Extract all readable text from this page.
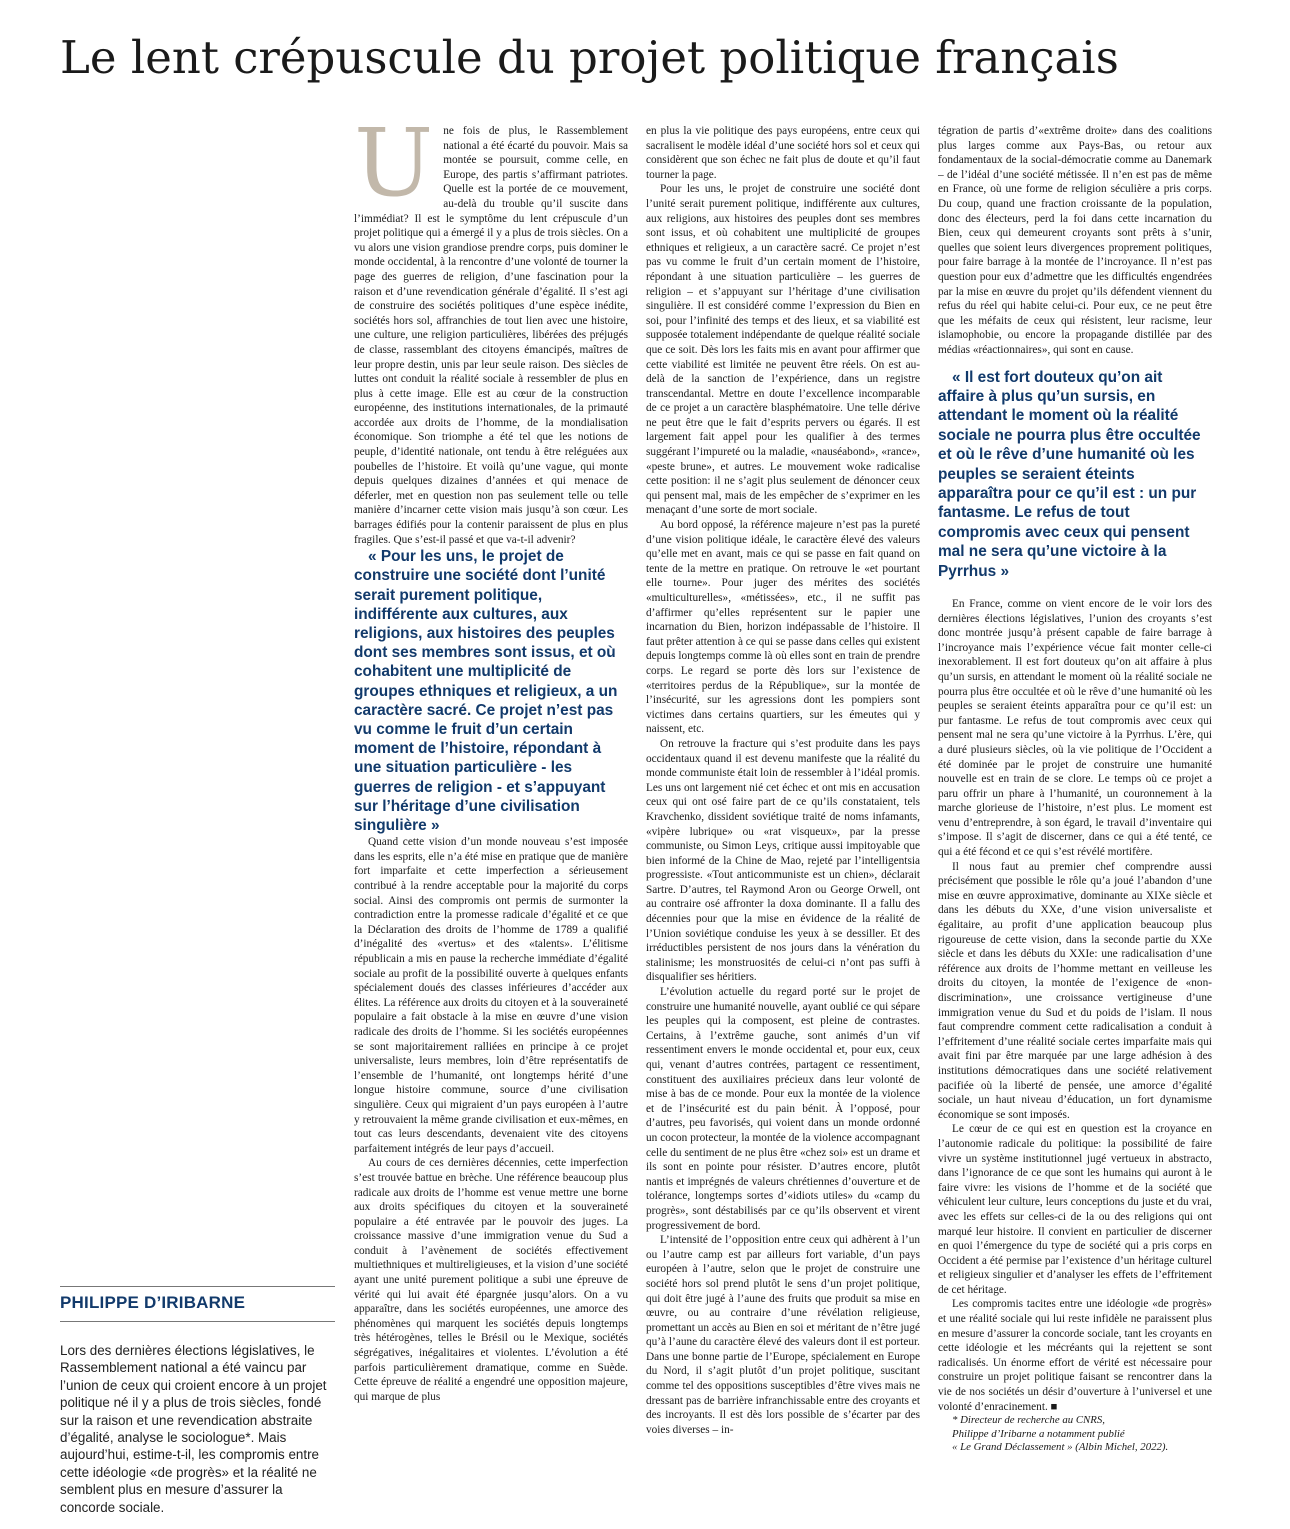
Le lent crépuscule du projet politique français
PHILIPPE D’IRIBARNE
Lors des dernières élections législatives, le Rassemblement national a été vaincu par l’union de ceux qui croient encore à un projet politique né il y a plus de trois siècles, fondé sur la raison et une revendication abstraite d’égalité, analyse le sociologue*. Mais aujourd’hui, estime-t-il, les compromis entre cette idéologie «de progrès» et la réalité ne semblent plus en mesure d’assurer la concorde sociale.
U ne fois de plus, le Rassemblement national a été écarté du pouvoir. Mais sa montée se poursuit, comme celle, en Europe, des partis s’affirmant patriotes. Quelle est la portée de ce mouvement, au-delà du trouble qu’il suscite dans l’immédiat? Il est le symptôme du lent crépuscule d’un projet politique qui a émergé il y a plus de trois siècles. On a vu alors une vision grandiose prendre corps, puis dominer le monde occidental, à la rencontre d’une volonté de tourner la page des guerres de religion, d’une fascination pour la raison et d’une revendication générale d’égalité. Il s’est agi de construire des sociétés politiques d’une espèce inédite, sociétés hors sol, affranchies de tout lien avec une histoire, une culture, une religion particulières, libérées des préjugés de classe, rassemblant des citoyens émancipés, maîtres de leur propre destin, unis par leur seule raison. Des siècles de luttes ont conduit la réalité sociale à ressembler de plus en plus à cette image. Elle est au cœur de la construction européenne, des institutions internationales, de la primauté accordée aux droits de l’homme, de la mondialisation économique. Son triomphe a été tel que les notions de peuple, d’identité nationale, ont tendu à être reléguées aux poubelles de l’histoire. Et voilà qu’une vague, qui monte depuis quelques dizaines d’années et qui menace de déferler, met en question non pas seulement telle ou telle manière d’incarner cette vision mais jusqu’à son cœur. Les barrages édifiés pour la contenir paraissent de plus en plus fragiles. Que s’est-il passé et que va-t-il advenir?

« Pour les uns, le projet de construire une société dont l’unité serait purement politique, indifférente aux cultures, aux religions, aux histoires des peuples dont ses membres sont issus, et où cohabitent une multiplicité de groupes ethniques et religieux, a un caractère sacré. Ce projet n’est pas vu comme le fruit d’un certain moment de l’histoire, répondant à une situation particulière - les guerres de religion - et s’appuyant sur l’héritage d’une civilisation singulière »

Quand cette vision d’un monde nouveau s’est imposée dans les esprits, elle n’a été mise en pratique que de manière fort imparfaite et cette imperfection a sérieusement contribué à la rendre acceptable pour la majorité du corps social. Ainsi des compromis ont permis de surmonter la contradiction entre la promesse radicale d’égalité et ce que la Déclaration des droits de l’homme de 1789 a qualifié d’inégalité des «vertus» et des «talents». L’élitisme républicain a mis en pause la recherche immédiate d’égalité sociale au profit de la possibilité ouverte à quelques enfants spécialement doués des classes inférieures d’accéder aux élites. La référence aux droits du citoyen et à la souveraineté populaire a fait obstacle à la mise en œuvre d’une vision radicale des droits de l’homme. Si les sociétés européennes se sont majoritairement ralliées en principe à ce projet universaliste, leurs membres, loin d’être représentatifs de l’ensemble de l’humanité, ont longtemps hérité d’une longue histoire commune, source d’une civilisation singulière. Ceux qui migraient d’un pays européen à l’autre y retrouvaient la même grande civilisation et eux-mêmes, en tout cas leurs descendants, devenaient vite des citoyens parfaitement intégrés de leur pays d’accueil.

Au cours de ces dernières décennies, cette imperfection s’est trouvée battue en brèche. Une référence beaucoup plus radicale aux droits de l’homme est venue mettre une borne aux droits spécifiques du citoyen et la souveraineté populaire a été entravée par le pouvoir des juges. La croissance massive d’une immigration venue du Sud a conduit à l’avènement de sociétés effectivement multiethniques et multireligieuses, et la vision d’une société ayant une unité purement politique a subi une épreuve de vérité qui lui avait été épargnée jusqu’alors. On a vu apparaître, dans les sociétés européennes, une amorce des phénomènes qui marquent les sociétés depuis longtemps très hétérogènes, telles le Brésil ou le Mexique, sociétés ségrégatives, inégalitaires et violentes. L’évolution a été parfois particulièrement dramatique, comme en Suède. Cette épreuve de réalité a engendré une opposition majeure, qui marque de plus

en plus la vie politique des pays européens, entre ceux qui sacralisent le modèle idéal d’une société hors sol et ceux qui considèrent que son échec ne fait plus de doute et qu’il faut tourner la page.

Pour les uns, le projet de construire une société dont l’unité serait purement politique, indifférente aux cultures, aux religions, aux histoires des peuples dont ses membres sont issus, et où cohabitent une multiplicité de groupes ethniques et religieux, a un caractère sacré. Ce projet n’est pas vu comme le fruit d’un certain moment de l’histoire, répondant à une situation particulière – les guerres de religion – et s’appuyant sur l’héritage d’une civilisation singulière. Il est considéré comme l’expression du Bien en soi, pour l’infinité des temps et des lieux, et sa viabilité est supposée totalement indépendante de quelque réalité sociale que ce soit. Dès lors les faits mis en avant pour affirmer que cette viabilité est limitée ne peuvent être réels. On est au-delà de la sanction de l’expérience, dans un registre transcendantal. Mettre en doute l’excellence incomparable de ce projet a un caractère blasphématoire. Une telle dérive ne peut être que le fait d’esprits pervers ou égarés. Il est largement fait appel pour les qualifier à des termes suggérant l’impureté ou la maladie, «nauséabond», «rance», «peste brune», et autres. Le mouvement woke radicalise cette position: il ne s’agit plus seulement de dénoncer ceux qui pensent mal, mais de les empêcher de s’exprimer en les menaçant d’une sorte de mort sociale.

Au bord opposé, la référence majeure n’est pas la pureté d’une vision politique idéale, le caractère élevé des valeurs qu’elle met en avant, mais ce qui se passe en fait quand on tente de la mettre en pratique. On retrouve le «et pourtant elle tourne». Pour juger des mérites des sociétés «multiculturelles», «métissées», etc., il ne suffit pas d’affirmer qu’elles représentent sur le papier une incarnation du Bien, horizon indépassable de l’histoire. Il faut prêter attention à ce qui se passe dans celles qui existent depuis longtemps comme là où elles sont en train de prendre corps. Le regard se porte dès lors sur l’existence de «territoires perdus de la République», sur la montée de l’insécurité, sur les agressions dont les pompiers sont victimes dans certains quartiers, sur les émeutes qui y naissent, etc.

On retrouve la fracture qui s’est produite dans les pays occidentaux quand il est devenu manifeste que la réalité du monde communiste était loin de ressembler à l’idéal promis. Les uns ont largement nié cet échec et ont mis en accusation ceux qui ont osé faire part de ce qu’ils constataient, tels Kravchenko, dissident soviétique traité de noms infamants, «vipère lubrique» ou «rat visqueux», par la presse communiste, ou Simon Leys, critique aussi impitoyable que bien informé de la Chine de Mao, rejeté par l’intelligentsia progressiste. «Tout anticommuniste est un chien», déclarait Sartre. D’autres, tel Raymond Aron ou George Orwell, ont au contraire osé affronter la doxa dominante. Il a fallu des décennies pour que la mise en évidence de la réalité de l’Union soviétique conduise les yeux à se dessiller. Et des irréductibles persistent de nos jours dans la vénération du stalinisme; les monstruosités de celui-ci n’ont pas suffi à disqualifier ses héritiers.

L’évolution actuelle du regard porté sur le projet de construire une humanité nouvelle, ayant oublié ce qui sépare les peuples qui la composent, est pleine de contrastes. Certains, à l’extrême gauche, sont animés d’un vif ressentiment envers le monde occidental et, pour eux, ceux qui, venant d’autres contrées, partagent ce ressentiment, constituent des auxiliaires précieux dans leur volonté de mise à bas de ce monde. Pour eux la montée de la violence et de l’insécurité est du pain bénit. À l’opposé, pour d’autres, peu favorisés, qui voient dans un monde ordonné un cocon protecteur, la montée de la violence accompagnant celle du sentiment de ne plus être «chez soi» est un drame et ils sont en pointe pour résister. D’autres encore, plutôt nantis et imprégnés de valeurs chrétiennes d’ouverture et de tolérance, longtemps sortes d’«idiots utiles» du «camp du progrès», sont déstabilisés par ce qu’ils observent et virent progressivement de bord.

L’intensité de l’opposition entre ceux qui adhèrent à l’un ou l’autre camp est par ailleurs fort variable, d’un pays européen à l’autre, selon que le projet de construire une société hors sol prend plutôt le sens d’un projet politique, qui doit être jugé à l’aune des fruits que produit sa mise en œuvre, ou au contraire d’une révélation religieuse, promettant un accès au Bien en soi et méritant de n’être jugé qu’à l’aune du caractère élevé des valeurs dont il est porteur. Dans une bonne partie de l’Europe, spécialement en Europe du Nord, il s’agit plutôt d’un projet politique, suscitant comme tel des oppositions susceptibles d’être vives mais ne dressant pas de barrière infranchissable entre des croyants et des incroyants. Il est dès lors possible de s’écarter par des voies diverses – in-

tégration de partis d’«extrême droite» dans des coalitions plus larges comme aux Pays-Bas, ou retour aux fondamentaux de la social-démocratie comme au Danemark – de l’idéal d’une société métissée. Il n’en est pas de même en France, où une forme de religion séculière a pris corps. Du coup, quand une fraction croissante de la population, donc des électeurs, perd la foi dans cette incarnation du Bien, ceux qui demeurent croyants sont prêts à s’unir, quelles que soient leurs divergences proprement politiques, pour faire barrage à la montée de l’incroyance. Il n’est pas question pour eux d’admettre que les difficultés engendrées par la mise en œuvre du projet qu’ils défendent viennent du refus du réel qui habite celui-ci. Pour eux, ce ne peut être que les méfaits de ceux qui résistent, leur racisme, leur islamophobie, ou encore la propagande distillée par des médias «réactionnaires», qui sont en cause.

« Il est fort douteux qu’on ait affaire à plus qu’un sursis, en attendant le moment où la réalité sociale ne pourra plus être occultée et où le rêve d’une humanité où les peuples se seraient éteints apparaîtra pour ce qu’il est : un pur fantasme. Le refus de tout compromis avec ceux qui pensent mal ne sera qu’une victoire à la Pyrrhus »

En France, comme on vient encore de le voir lors des dernières élections législatives, l’union des croyants s’est donc montrée jusqu’à présent capable de faire barrage à l’incroyance mais l’expérience vécue fait monter celle-ci inexorablement. Il est fort douteux qu’on ait affaire à plus qu’un sursis, en attendant le moment où la réalité sociale ne pourra plus être occultée et où le rêve d’une humanité où les peuples se seraient éteints apparaîtra pour ce qu’il est: un pur fantasme. Le refus de tout compromis avec ceux qui pensent mal ne sera qu’une victoire à la Pyrrhus. L’ère, qui a duré plusieurs siècles, où la vie politique de l’Occident a été dominée par le projet de construire une humanité nouvelle est en train de se clore. Le temps où ce projet a paru offrir un phare à l’humanité, un couronnement à la marche glorieuse de l’histoire, n’est plus. Le moment est venu d’entreprendre, à son égard, le travail d’inventaire qui s’impose. Il s’agit de discerner, dans ce qui a été tenté, ce qui a été fécond et ce qui s’est révélé mortifère.

Il nous faut au premier chef comprendre aussi précisément que possible le rôle qu’a joué l’abandon d’une mise en œuvre approximative, dominante au XIXe siècle et dans les débuts du XXe, d’une vision universaliste et égalitaire, au profit d’une application beaucoup plus rigoureuse de cette vision, dans la seconde partie du XXe siècle et dans les débuts du XXIe: une radicalisation d’une référence aux droits de l’homme mettant en veilleuse les droits du citoyen, la montée de l’exigence de «non-discrimination», une croissance vertigineuse d’une immigration venue du Sud et du poids de l’islam. Il nous faut comprendre comment cette radicalisation a conduit à l’effritement d’une réalité sociale certes imparfaite mais qui avait fini par être marquée par une large adhésion à des institutions démocratiques dans une société relativement pacifiée où la liberté de pensée, une amorce d’égalité sociale, un haut niveau d’éducation, un fort dynamisme économique se sont imposés.

Le cœur de ce qui est en question est la croyance en l’autonomie radicale du politique: la possibilité de faire vivre un système institutionnel jugé vertueux in abstracto, dans l’ignorance de ce que sont les humains qui auront à le faire vivre: les visions de l’homme et de la société que véhiculent leur culture, leurs conceptions du juste et du vrai, avec les effets sur celles-ci de la ou des religions qui ont marqué leur histoire. Il convient en particulier de discerner en quoi l’émergence du type de société qui a pris corps en Occident a été permise par l’existence d’un héritage culturel et religieux singulier et d’analyser les effets de l’effritement de cet héritage.

Les compromis tacites entre une idéologie «de progrès» et une réalité sociale qui lui reste infidèle ne paraissent plus en mesure d’assurer la concorde sociale, tant les croyants en cette idéologie et les mécréants qui la rejettent se sont radicalisés. Un énorme effort de vérité est nécessaire pour construire un projet politique faisant se rencontrer dans la vie de nos sociétés un désir d’ouverture à l’universel et une volonté d’enracinement. ■

* Directeur de recherche au CNRS,

Philippe d’Iribarne a notamment publié

« Le Grand Déclassement » (Albin Michel, 2022).
